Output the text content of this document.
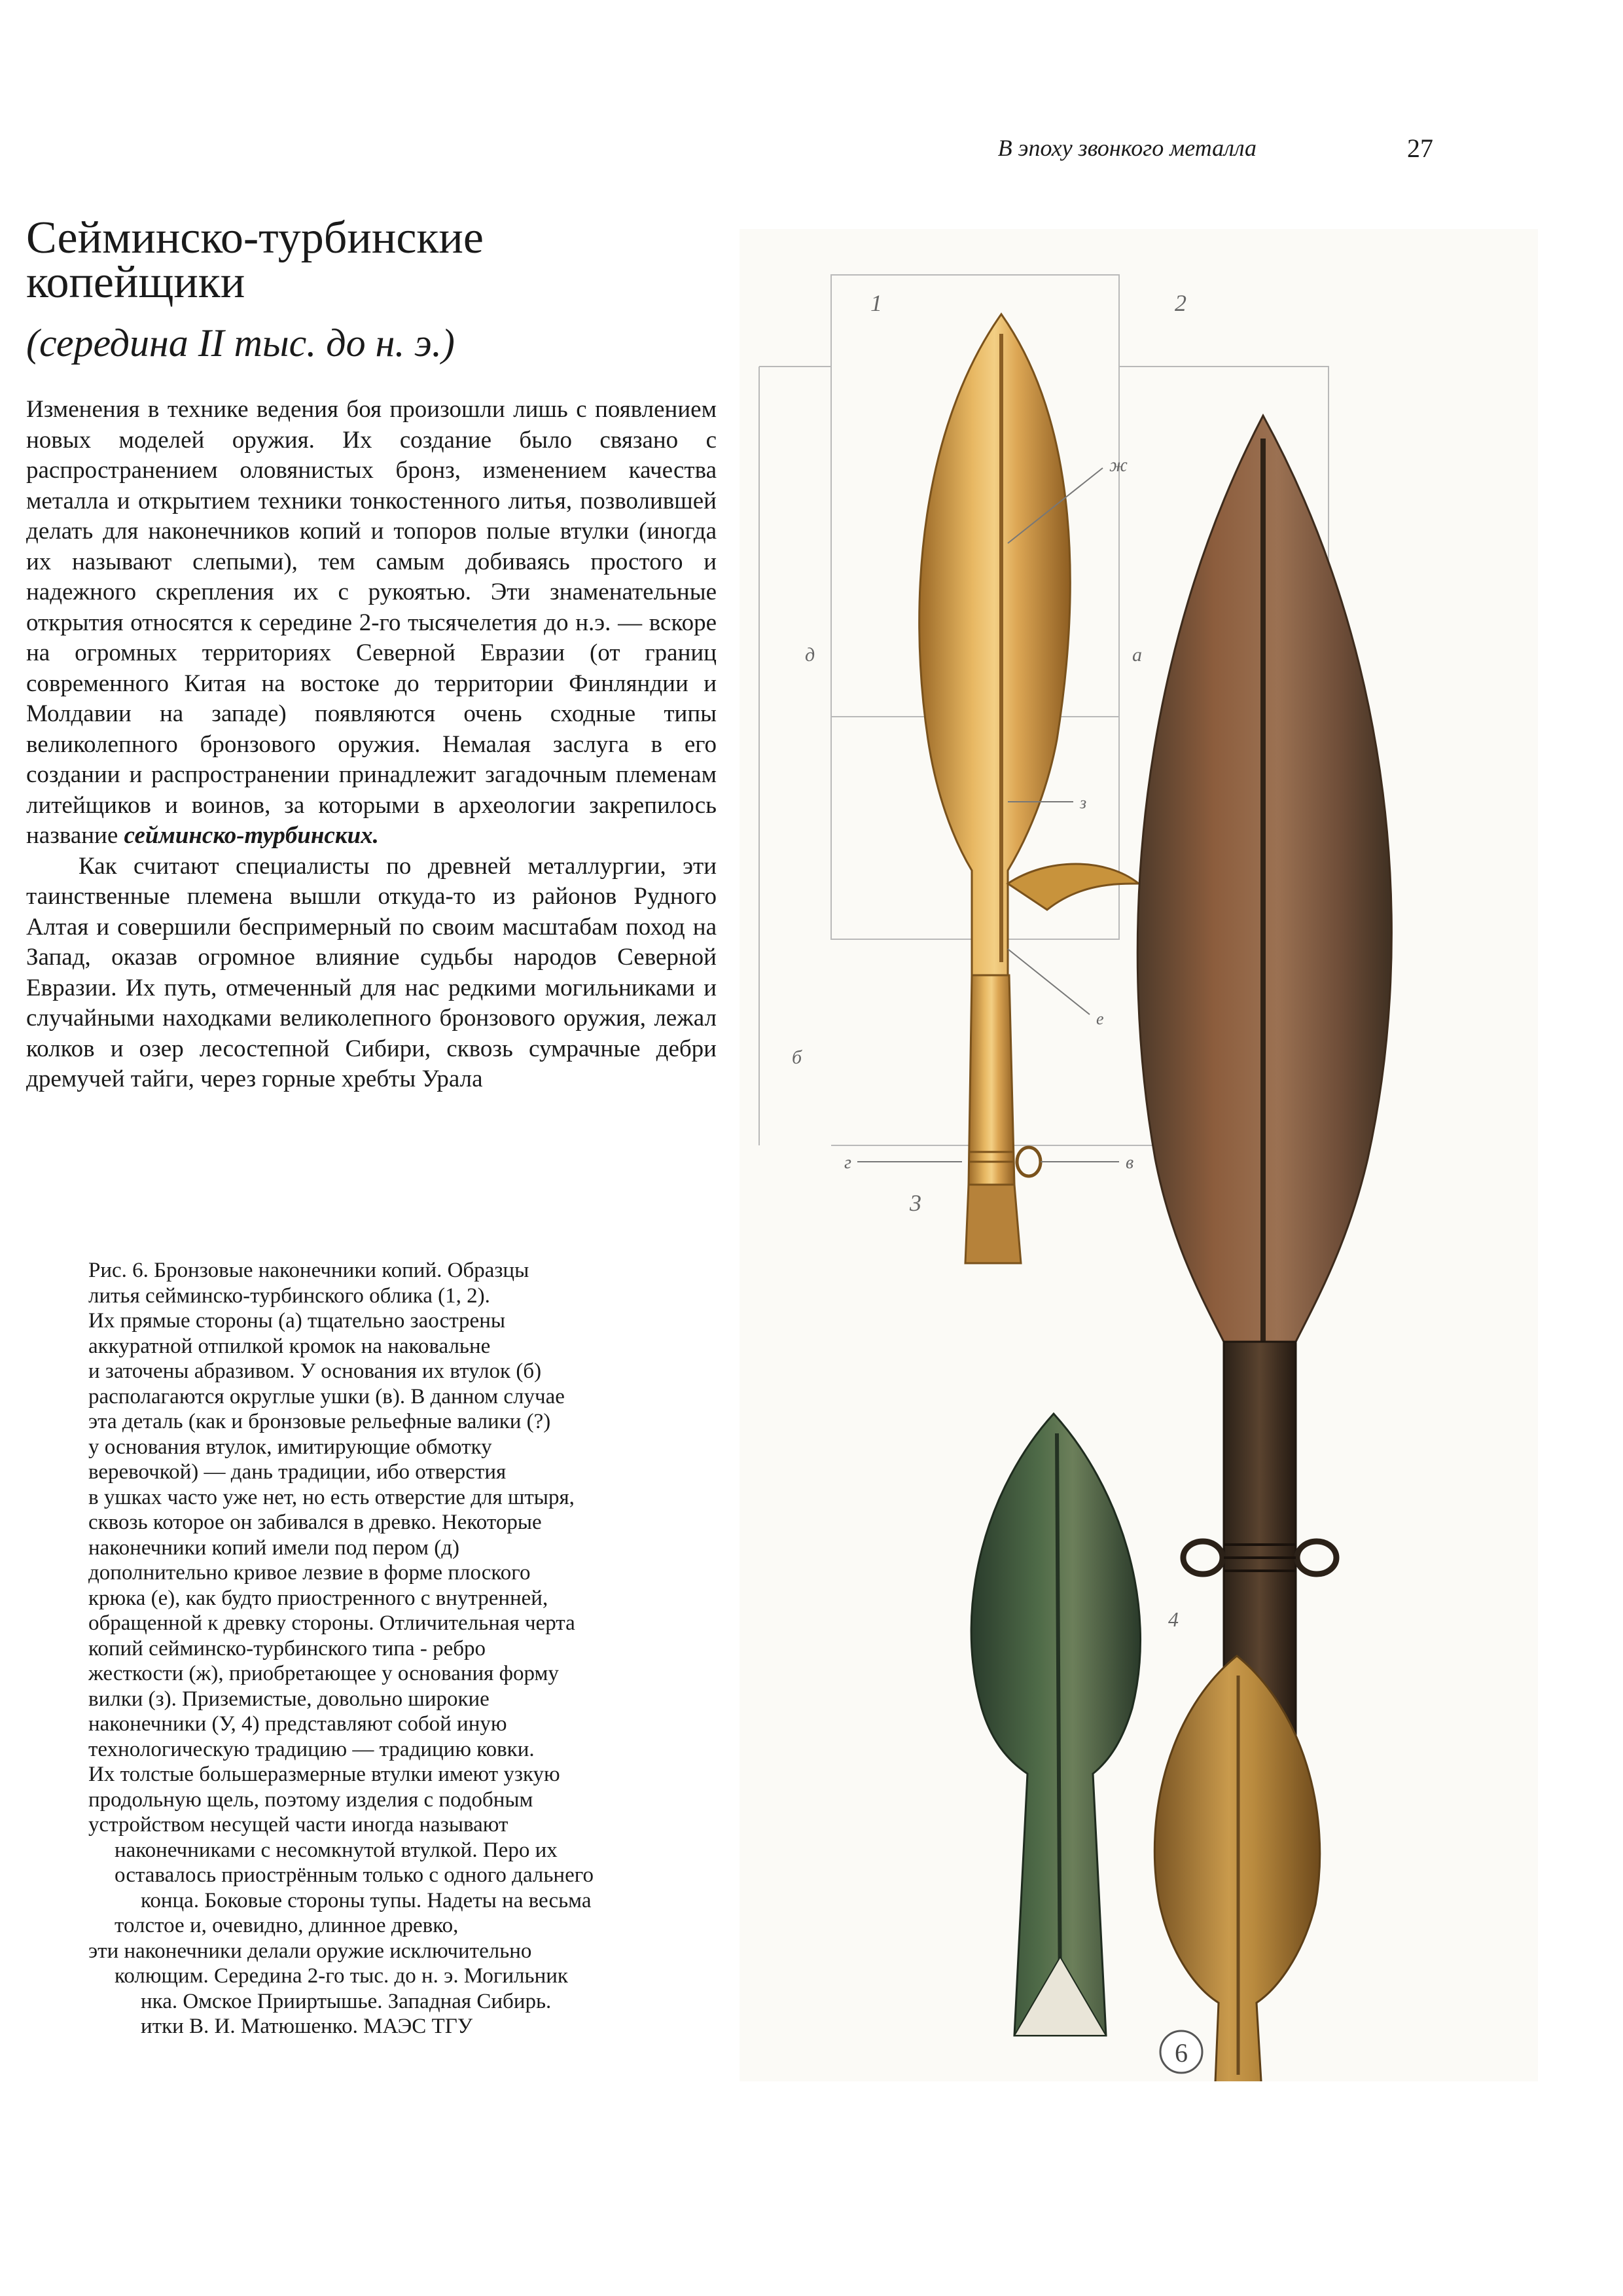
В эпоху звонкого металла	27
Сейминско-турбинские
копейщики
(середина II тыс. до н. э.)

Изменения в технике ведения боя произошли лишь с появлением новых моделей оружия. Их создание было связано с распространением оловянистых бронз, изменением качества металла и открытием техники тонкостенного литья, позволившей делать для наконечников копий и топоров полые втулки (иногда их называют слепыми), тем самым добиваясь простого и надежного скрепления их с рукоятью. Эти знаменательные открытия относятся к середине 2-го тысячелетия до н.э. — вскоре на огромных территориях Северной Евразии (от границ современного Китая на востоке до территории Финляндии и Молдавии на западе) появляются очень сходные типы великолепного бронзового оружия. Немалая заслуга в его создании и распространении принадлежит загадочным племенам литейщиков и воинов, за которыми в археологии закрепилось название сейминско-турбинских.

Как считают специалисты по древней металлургии, эти таинственные племена вышли откуда-то из районов Рудного Алтая и совершили беспримерный по своим масштабам поход на Запад, оказав огромное влияние судьбы народов Северной Евразии. Их путь, отмеченный для нас редкими могильниками и случайными находками великолепного бронзового оружия, лежал колков и озер лесостепной Сибири, сквозь сумрачные дебри дремучей тайги, через горные хребты Урала

Рис. 6. Бронзовые наконечники копий. Образцы
литья сейминско-турбинского облика (1, 2).
Их прямые стороны (а) тщательно заострены
аккуратной отпилкой кромок на наковальне
и заточены абразивом. У основания их втулок (б)
располагаются округлые ушки (в). В данном случае
эта деталь (как и бронзовые рельефные валики (?)
у основания втулок, имитирующие обмотку
веревочкой) — дань традиции, ибо отверстия
в ушках часто уже нет, но есть отверстие для штыря,
сквозь которое он забивался в древко. Некоторые
наконечники копий имели под пером (д)
дополнительно кривое лезвие в форме плоского
крюка (е), как будто приостренного с внутренней,
обращенной к древку стороны. Отличительная черта
копий сейминско-турбинского типа - ребро
жесткости (ж), приобретающее у основания форму
вилки (з). Приземистые, довольно широкие
наконечники (У, 4) представляют собой иную
технологическую традицию — традицию ковки.
Их толстые большеразмерные втулки имеют узкую
продольную щель, поэтому изделия с подобным
устройством несущей части иногда называют
наконечниками с несомкнутой втулкой. Перо их
оставалось приострённым только с одного дальнего
конца. Боковые стороны тупы. Надеты на весьма
толстое и, очевидно, длинное древко,
эти наконечники делали оружие исключительно
колющим. Середина 2-го тыс. до н. э. Могильник
нка. Омское Прииртышье. Западная Сибирь.
итки В. И. Матюшенко. МАЭС ТГУ
1	2
3
4
ж
а
д
з
е
б
г	в
6
